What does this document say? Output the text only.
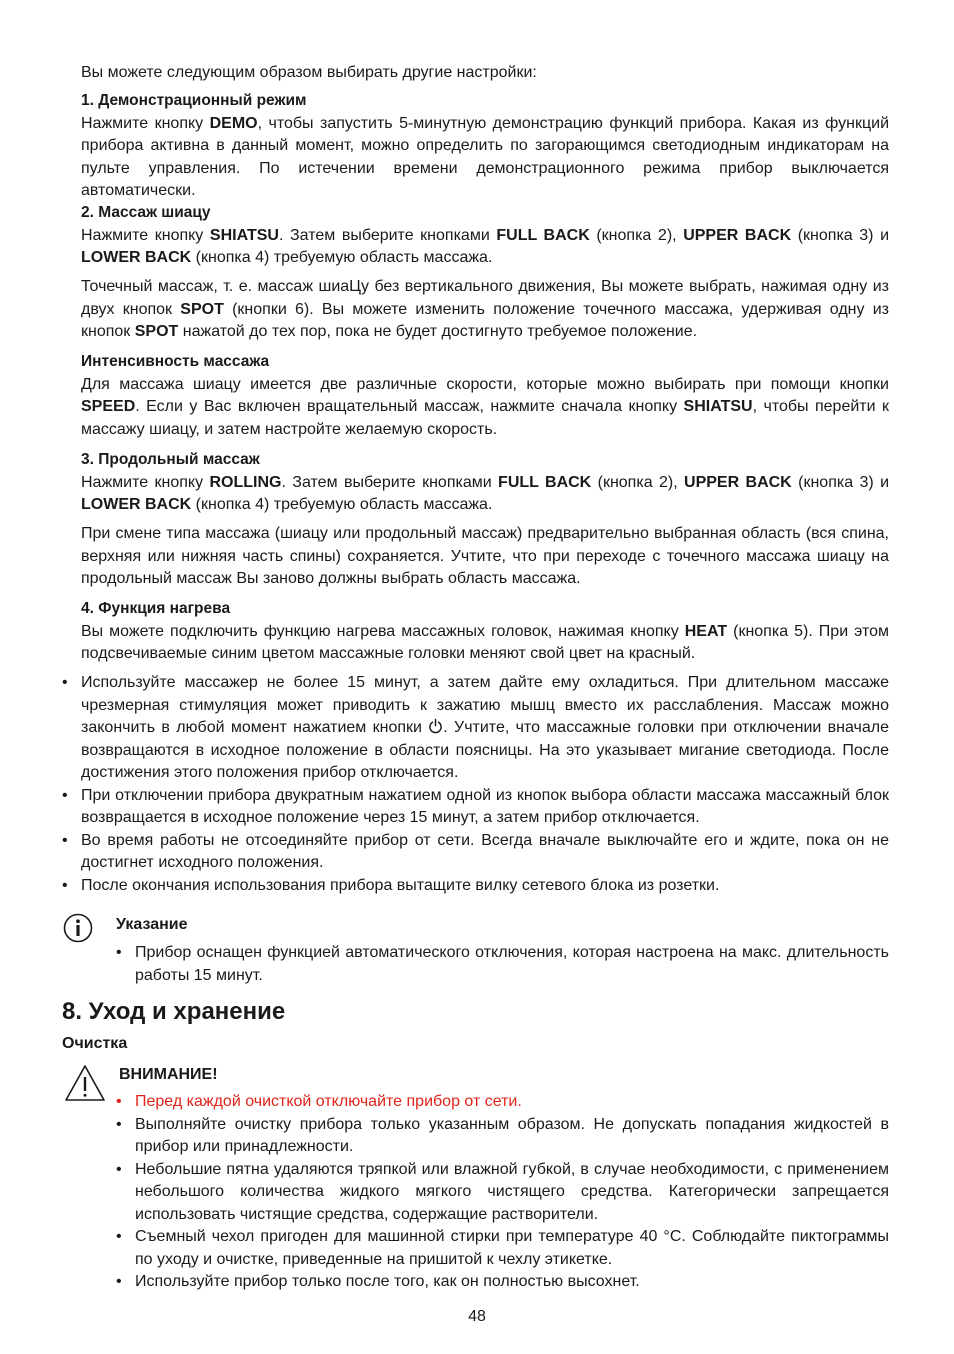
Вы можете следующим образом выбирать другие настройки:
1. Демонстрационный режим
Нажмите кнопку DEMO, чтобы запустить 5-минутную демонстрацию функций прибора. Какая из функций прибора активна в данный момент, можно определить по загорающимся светодиодным индикаторам на пульте управления. По истечении времени демонстрационного режима прибор выключается автоматически.
2. Массаж шиацу
Нажмите кнопку SHIATSU. Затем выберите кнопками FULL BACK (кнопка 2), UPPER BACK (кнопка 3) и LOWER BACK (кнопка 4) требуемую область массажа.
Точечный массаж, т. е. массаж шиаЦу без вертикального движения, Вы можете выбрать, нажимая одну из двух кнопок SPOT (кнопки 6). Вы можете изменить положение точечного массажа, удерживая одну из кнопок SPOT нажатой до тех пор, пока не будет достигнуто требуемое положение.
Интенсивность массажа
Для массажа шиацу имеется две различные скорости, которые можно выбирать при помощи кнопки SPEED. Если у Вас включен вращательный массаж, нажмите сначала кнопку SHIATSU, чтобы перейти к массажу шиацу, и затем настройте желаемую скорость.
3. Продольный массаж
Нажмите кнопку ROLLING. Затем выберите кнопками FULL BACK (кнопка 2), UPPER BACK (кнопка 3) и LOWER BACK (кнопка 4) требуемую область массажа.
При смене типа массажа (шиацу или продольный массаж) предварительно выбранная область (вся спина, верхняя или нижняя часть спины) сохраняется. Учтите, что при переходе с точечного массажа шиацу на продольный массаж Вы заново должны выбрать область массажа.
4. Функция нагрева
Вы можете подключить функцию нагрева массажных головок, нажимая кнопку HEAT (кнопка 5). При этом подсвечиваемые синим цветом массажные головки меняют свой цвет на красный.
• Используйте массажер не более 15 минут, а затем дайте ему охладиться. При длительном массаже чрезмерная стимуляция может приводить к зажатию мышц вместо их расслабления. Массаж можно закончить в любой момент нажатием кнопки . Учтите, что массажные головки при отключении вначале возвращаются в исходное положение в области поясницы. На это указывает мигание светодиода. После достижения этого положения прибор отключается.
• При отключении прибора двукратным нажатием одной из кнопок выбора области массажа массажный блок возвращается в исходное положение через 15 минут, а затем прибор отключается.
• Во время работы не отсоединяйте прибор от сети. Всегда вначале выключайте его и ждите, пока он не достигнет исходного положения.
• После окончания использования прибора вытащите вилку сетевого блока из розетки.
Указание
• Прибор оснащен функцией автоматического отключения, которая настроена на макс. длительность работы 15 минут.
8. Уход и хранение
Очистка
ВНИМАНИЕ!
• Перед каждой очисткой отключайте прибор от сети.
• Выполняйте очистку прибора только указанным образом. Не допускать попадания жидкостей в прибор или принадлежности.
• Небольшие пятна удаляются тряпкой или влажной губкой, в случае необходимости, с применением небольшого количества жидкого мягкого чистящего средства. Категорически запрещается использовать чистящие средства, содержащие растворители.
• Съемный чехол пригоден для машинной стирки при температуре 40 °C. Соблюдайте пиктограммы по уходу и очистке, приведенные на пришитой к чехлу этикетке.
• Используйте прибор только после того, как он полностью высохнет.
48
